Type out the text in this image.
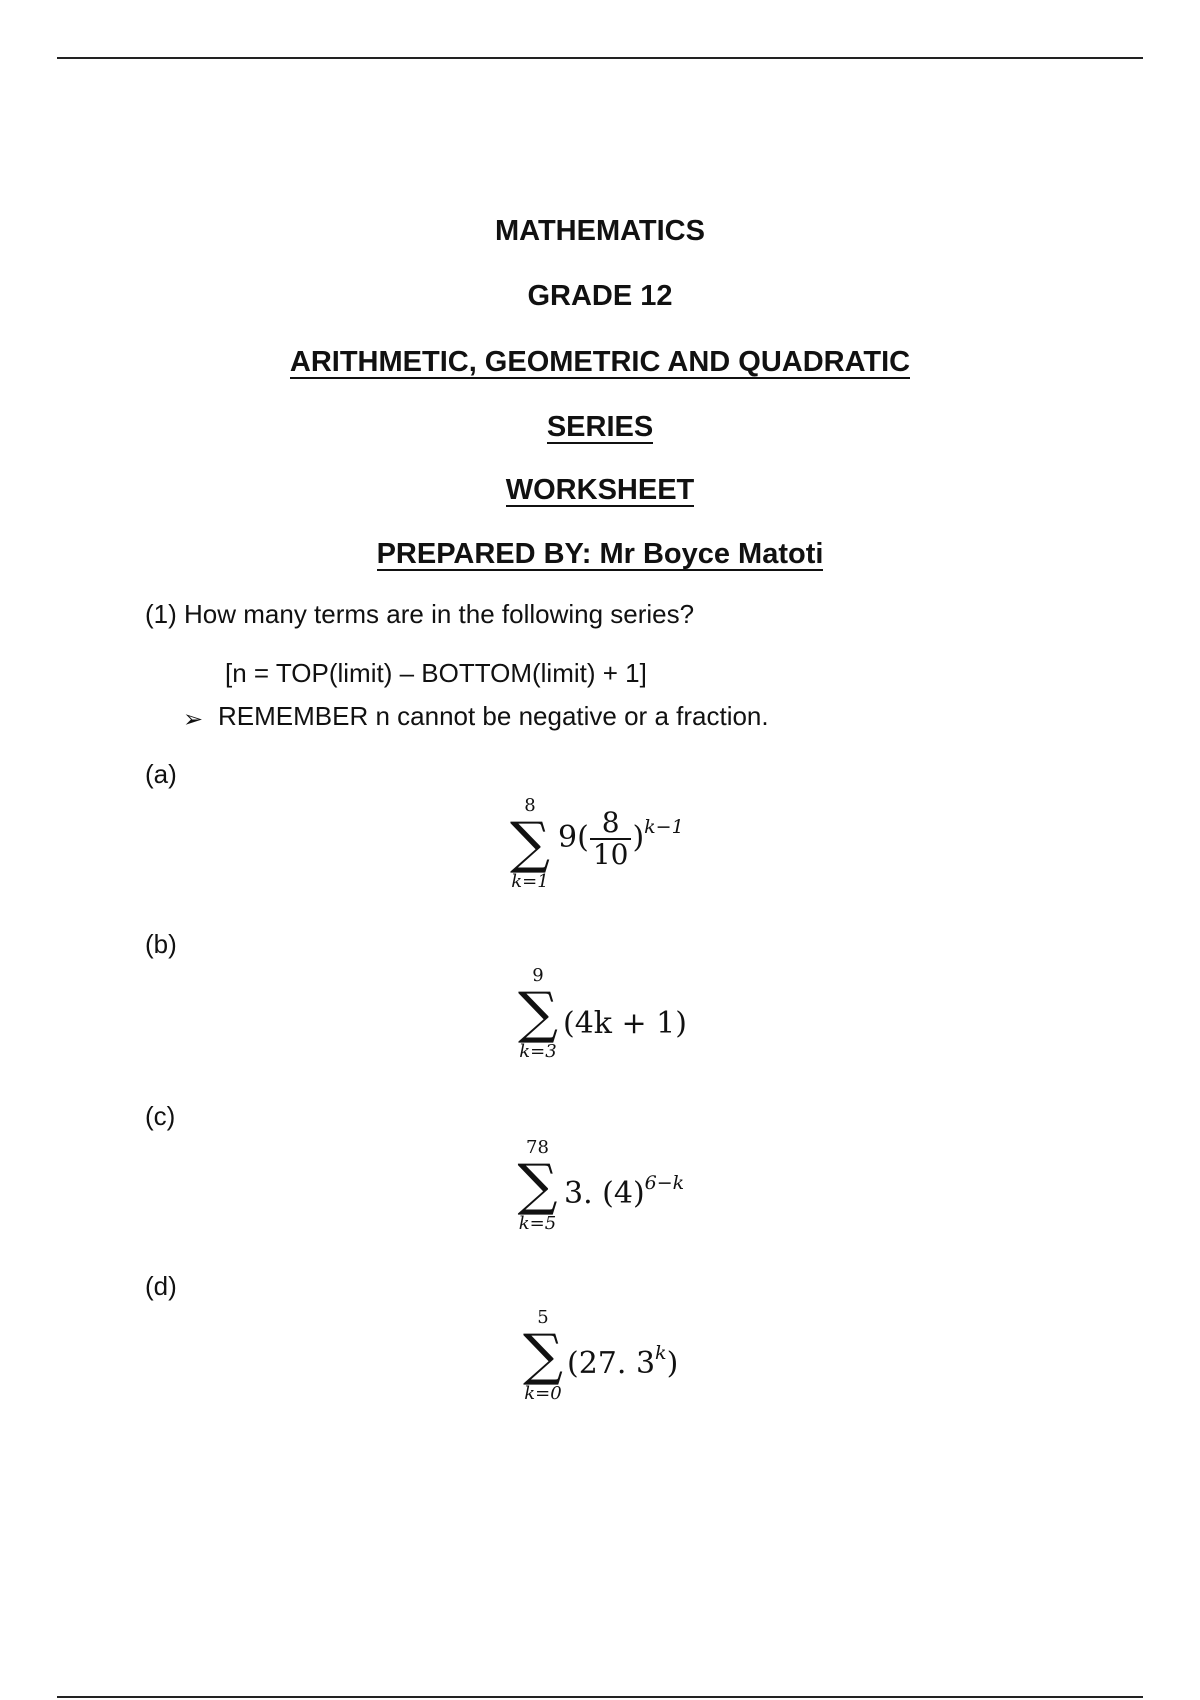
MATHEMATICS
GRADE 12
ARITHMETIC, GEOMETRIC AND QUADRATIC
SERIES
WORKSHEET
PREPARED BY: Mr Boyce Matoti
(1) How many terms are in the following series?
[n = TOP(limit) – BOTTOM(limit) + 1]
➢ REMEMBER n cannot be negative or a fraction.
(a)
8
∑
k=1
$9( \frac{8}{10} )^{k-1}$
(b)
9
∑
k=3
(4k + 1)
(c)
78
∑
k=5
3. $(4)^{6-k}$
(d)
5
∑
k=0
(27. 3$^k$)
